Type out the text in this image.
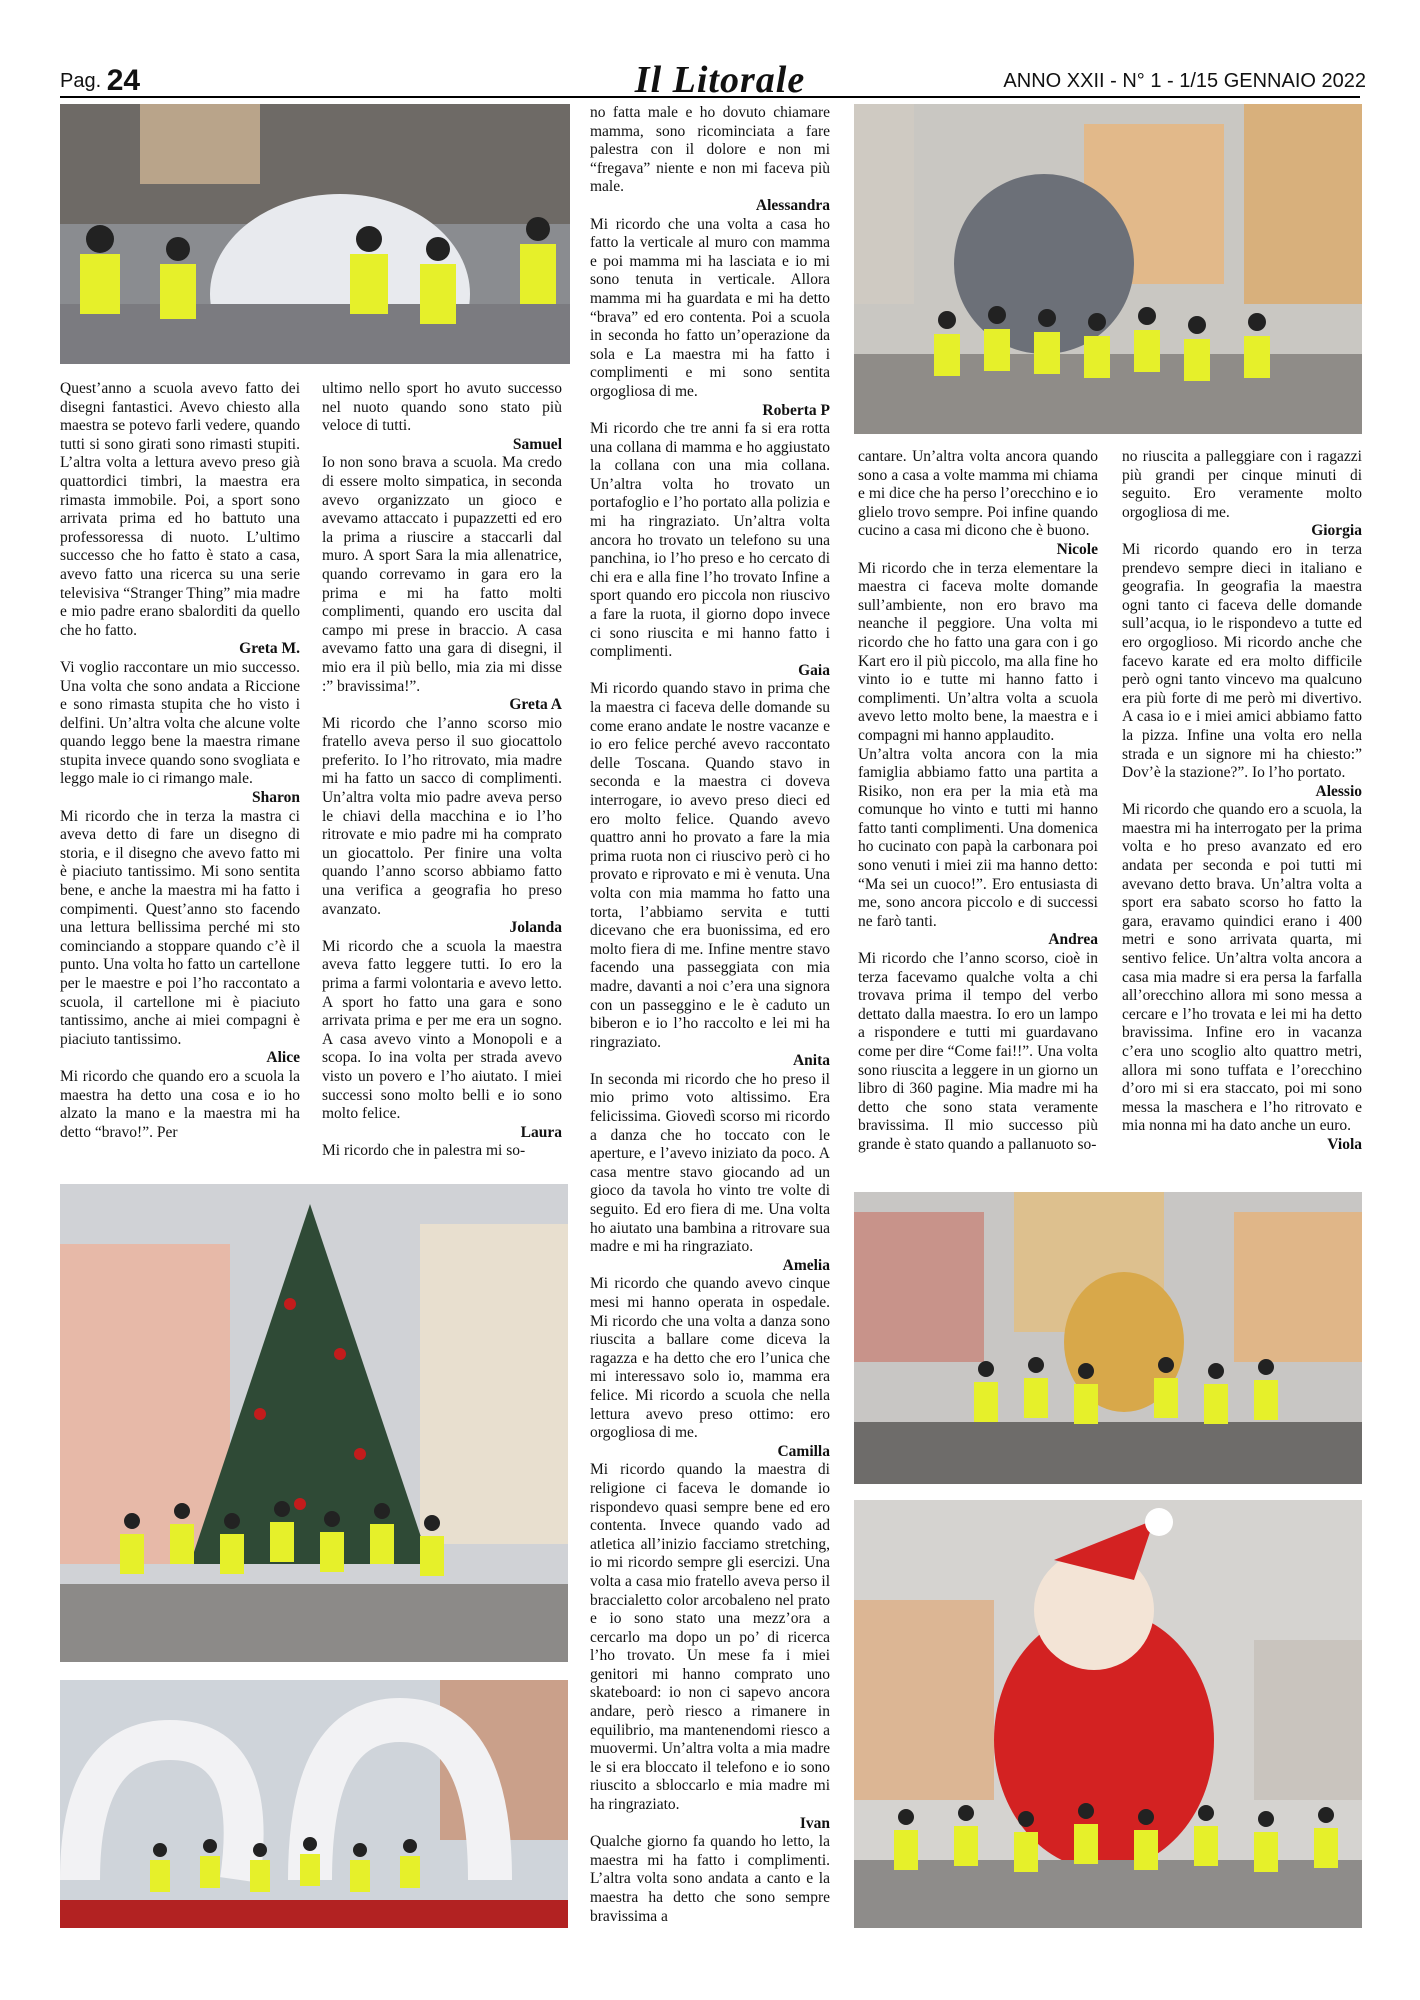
Pag. 24	Il Litorale	ANNO XXII - N° 1 - 1/15 GENNAIO 2022

Quest’anno a scuola avevo fatto dei disegni fantastici. Avevo chiesto alla maestra se potevo farli vedere, quando tutti si sono girati sono rimasti stupiti. L’altra volta a lettura avevo preso già quattordici timbri, la maestra era rimasta immobile. Poi, a sport sono arrivata prima ed ho battuto una professoressa di nuoto. L’ultimo successo che ho fatto è stato a casa, avevo fatto una ricerca su una serie televisiva “Stranger Thing” mia madre e mio padre erano sbalorditi da quello che ho fatto.

Greta M.

Vi voglio raccontare un mio successo. Una volta che sono andata a Riccione e sono rimasta stupita che ho visto i delfini. Un’altra volta che alcune volte quando leggo bene la maestra rimane stupita invece quando sono svogliata e leggo male io ci rimango male.

Sharon

Mi ricordo che in terza la mastra ci aveva detto di fare un disegno di storia, e il disegno che avevo fatto mi è piaciuto tantissimo. Mi sono sentita bene, e anche la maestra mi ha fatto i compimenti. Quest’anno sto facendo una lettura bellissima perché mi sto cominciando a stoppare quando c’è il punto. Una volta ho fatto un cartellone per le maestre e poi l’ho raccontato a scuola, il cartellone mi è piaciuto tantissimo, anche ai miei compagni è piaciuto tantissimo.

Alice

Mi ricordo che quando ero a scuola la maestra ha detto una cosa e io ho alzato la mano e la maestra mi ha detto “bravo!”. Per

ultimo nello sport ho avuto successo nel nuoto quando sono stato più veloce di tutti.

Samuel

Io non sono brava a scuola. Ma credo di essere molto simpatica, in seconda avevo organizzato un gioco e avevamo attaccato i pupazzetti ed ero la prima a riuscire a staccarli dal muro. A sport Sara la mia allenatrice, quando correvamo in gara ero la prima e mi ha fatto molti complimenti, quando ero uscita dal campo mi prese in braccio. A casa avevamo fatto una gara di disegni, il mio era il più bello, mia zia mi disse :” bravissima!”.

Greta A

Mi ricordo che l’anno scorso mio fratello aveva perso il suo giocattolo preferito. Io l’ho ritrovato, mia madre mi ha fatto un sacco di complimenti. Un’altra volta mio padre aveva perso le chiavi della macchina e io l’ho ritrovate e mio padre mi ha comprato un giocattolo. Per finire una volta quando l’anno scorso abbiamo fatto una verifica a geografia ho preso avanzato.

Jolanda

Mi ricordo che a scuola la maestra aveva fatto leggere tutti. Io ero la prima a farmi volontaria e avevo letto. A sport ho fatto una gara e sono arrivata prima e per me era un sogno. A casa avevo vinto a Monopoli e a scopa. Io ina volta per strada avevo visto un povero e l’ho aiutato. I miei successi sono molto belli e io sono molto felice.

Laura

Mi ricordo che in palestra mi so-

no fatta male e ho dovuto chiamare mamma, sono ricominciata a fare palestra con il dolore e non mi “fregava” niente e non mi faceva più male.

Alessandra

Mi ricordo che una volta a casa ho fatto la verticale al muro con mamma e poi mamma mi ha lasciata e io mi sono tenuta in verticale. Allora mamma mi ha guardata e mi ha detto “brava” ed ero contenta. Poi a scuola in seconda ho fatto un’operazione da sola e La maestra mi ha fatto i complimenti e mi sono sentita orgogliosa di me.

Roberta P

Mi ricordo che tre anni fa si era rotta una collana di mamma e ho aggiustato la collana con una mia collana. Un’altra volta ho trovato un portafoglio e l’ho portato alla polizia e mi ha ringraziato. Un’altra volta ancora ho trovato un telefono su una panchina, io l’ho preso e ho cercato di chi era e alla fine l’ho trovato Infine a sport quando ero piccola non riuscivo a fare la ruota, il giorno dopo invece ci sono riuscita e mi hanno fatto i complimenti.

Gaia

Mi ricordo quando stavo in prima che la maestra ci faceva delle domande su come erano andate le nostre vacanze e io ero felice perché avevo raccontato delle Toscana. Quando stavo in seconda e la maestra ci doveva interrogare, io avevo preso dieci ed ero molto felice. Quando avevo quattro anni ho provato a fare la mia prima ruota non ci riuscivo però ci ho provato e riprovato e mi è venuta. Una volta con mia mamma ho fatto una torta, l’abbiamo servita e tutti dicevano che era buonissima, ed ero molto fiera di me. Infine mentre stavo facendo una passeggiata con mia madre, davanti a noi c’era una signora con un passeggino e le è caduto un biberon e io l’ho raccolto e lei mi ha ringraziato.

Anita

In seconda mi ricordo che ho preso il mio primo voto altissimo. Era felicissima. Giovedì scorso mi ricordo a danza che ho toccato con le aperture, e l’avevo iniziato da poco. A casa mentre stavo giocando ad un gioco da tavola ho vinto tre volte di seguito. Ed ero fiera di me. Una volta ho aiutato una bambina a ritrovare sua madre e mi ha ringraziato.

Amelia

Mi ricordo che quando avevo cinque mesi mi hanno operata in ospedale. Mi ricordo che una volta a danza sono riuscita a ballare come diceva la ragazza e ha detto che ero l’unica che mi interessavo solo io, mamma era felice. Mi ricordo a scuola che nella lettura avevo preso ottimo: ero orgogliosa di me.

Camilla

Mi ricordo quando la maestra di religione ci faceva le domande io rispondevo quasi sempre bene ed ero contenta. Invece quando vado ad atletica all’inizio facciamo stretching, io mi ricordo sempre gli esercizi. Una volta a casa mio fratello aveva perso il braccialetto color arcobaleno nel prato e io sono stato una mezz’ora a cercarlo ma dopo un po’ di ricerca l’ho trovato. Un mese fa i miei genitori mi hanno comprato uno skateboard: io non ci sapevo ancora andare, però riesco a rimanere in equilibrio, ma mantenendomi riesco a muovermi. Un’altra volta a mia madre le si era bloccato il telefono e io sono riuscito a sbloccarlo e mia madre mi ha ringraziato.

Ivan

Qualche giorno fa quando ho letto, la maestra mi ha fatto i complimenti. L’altra volta sono andata a canto e la maestra ha detto che sono sempre bravissima a

cantare. Un’altra volta ancora quando sono a casa a volte mamma mi chiama e mi dice che ha perso l’orecchino e io glielo trovo sempre. Poi infine quando cucino a casa mi dicono che è buono.

Nicole

Mi ricordo che in terza elementare la maestra ci faceva molte domande sull’ambiente, non ero bravo ma neanche il peggiore. Una volta mi ricordo che ho fatto una gara con i go Kart ero il più piccolo, ma alla fine ho vinto io e tutte mi hanno fatto i complimenti. Un’altra volta a scuola avevo letto molto bene, la maestra e i compagni mi hanno applaudito.

Un’altra volta ancora con la mia famiglia abbiamo fatto una partita a Risiko, non era per la mia età ma comunque ho vinto e tutti mi hanno fatto tanti complimenti. Una domenica ho cucinato con papà la carbonara poi sono venuti i miei zii ma hanno detto: “Ma sei un cuoco!”. Ero entusiasta di me, sono ancora piccolo e di successi ne farò tanti.

Andrea

Mi ricordo che l’anno scorso, cioè in terza facevamo qualche volta a chi trovava prima il tempo del verbo dettato dalla maestra. Io ero un lampo a rispondere e tutti mi guardavano come per dire “Come fai!!”. Una volta sono riuscita a leggere in un giorno un libro di 360 pagine. Mia madre mi ha detto che sono stata veramente bravissima. Il mio successo più grande è stato quando a pallanuoto so-

no riuscita a palleggiare con i ragazzi più grandi per cinque minuti di seguito. Ero veramente molto orgogliosa di me.

Giorgia

Mi ricordo quando ero in terza prendevo sempre dieci in italiano e geografia. In geografia la maestra ogni tanto ci faceva delle domande sull’acqua, io le rispondevo a tutte ed ero orgoglioso. Mi ricordo anche che facevo karate ed era molto difficile però ogni tanto vincevo ma qualcuno era più forte di me però mi divertivo. A casa io e i miei amici abbiamo fatto la pizza. Infine una volta ero nella strada e un signore mi ha chiesto:” Dov’è la stazione?”. Io l’ho portato.

Alessio

Mi ricordo che quando ero a scuola, la maestra mi ha interrogato per la prima volta e ho preso avanzato ed ero andata per seconda e poi tutti mi avevano detto brava. Un’altra volta a sport era sabato scorso ho fatto la gara, eravamo quindici erano i 400 metri e sono arrivata quarta, mi sentivo felice. Un’altra volta ancora a casa mia madre si era persa la farfalla all’orecchino allora mi sono messa a cercare e l’ho trovata e lei mi ha detto bravissima. Infine ero in vacanza c’era uno scoglio alto quattro metri, allora mi sono tuffata e l’orecchino d’oro mi si era staccato, poi mi sono messa la maschera e l’ho ritrovato e mia nonna mi ha dato anche un euro.

Viola
